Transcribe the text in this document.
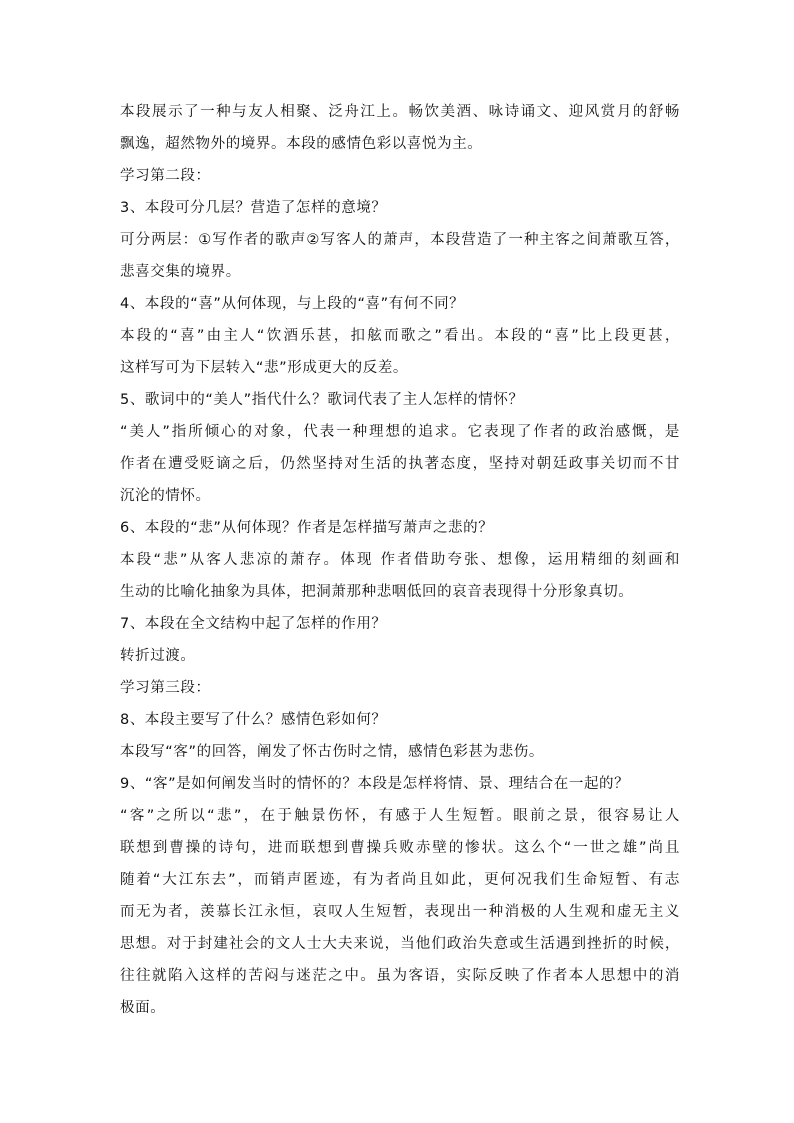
本段展示了一种与友人相聚、泛舟江上。畅饮美酒、咏诗诵文、迎风赏月的舒畅
飘逸，超然物外的境界。本段的感情色彩以喜悦为主。
学习第二段：
3、本段可分几层？营造了怎样的意境？
可分两层：①写作者的歌声②写客人的萧声，本段营造了一种主客之间萧歌互答，
悲喜交集的境界。
4、本段的“喜”从何体现，与上段的“喜”有何不同？
本段的“喜”由主人“饮酒乐甚，扣舷而歌之”看出。本段的“喜”比上段更甚，
这样写可为下层转入“悲”形成更大的反差。
5、歌词中的“美人”指代什么？歌词代表了主人怎样的情怀？
“美人”指所倾心的对象，代表一种理想的追求。它表现了作者的政治感慨，是
作者在遭受贬谪之后，仍然坚持对生活的执著态度，坚持对朝廷政事关切而不甘
沉沦的情怀。
6、本段的“悲”从何体现？作者是怎样描写萧声之悲的？
本段“悲”从客人悲凉的萧存。体现 作者借助夸张、想像，运用精细的刻画和
生动的比喻化抽象为具体，把洞萧那种悲咽低回的哀音表现得十分形象真切。
7、本段在全文结构中起了怎样的作用？
转折过渡。
学习第三段：
8、本段主要写了什么？感情色彩如何？
本段写“客”的回答，阐发了怀古伤时之情，感情色彩甚为悲伤。
9、“客”是如何阐发当时的情怀的？本段是怎样将情、景、理结合在一起的？
“客”之所以“悲”，在于触景伤怀，有感于人生短暂。眼前之景，很容易让人
联想到曹操的诗句，进而联想到曹操兵败赤壁的惨状。这么个“一世之雄”尚且
随着“大江东去”，而销声匿迹，有为者尚且如此，更何况我们生命短暂、有志
而无为者，羡慕长江永恒，哀叹人生短暂，表现出一种消极的人生观和虚无主义
思想。对于封建社会的文人士大夫来说，当他们政治失意或生活遇到挫折的时候，
往往就陷入这样的苦闷与迷茫之中。虽为客语，实际反映了作者本人思想中的消
极面。
